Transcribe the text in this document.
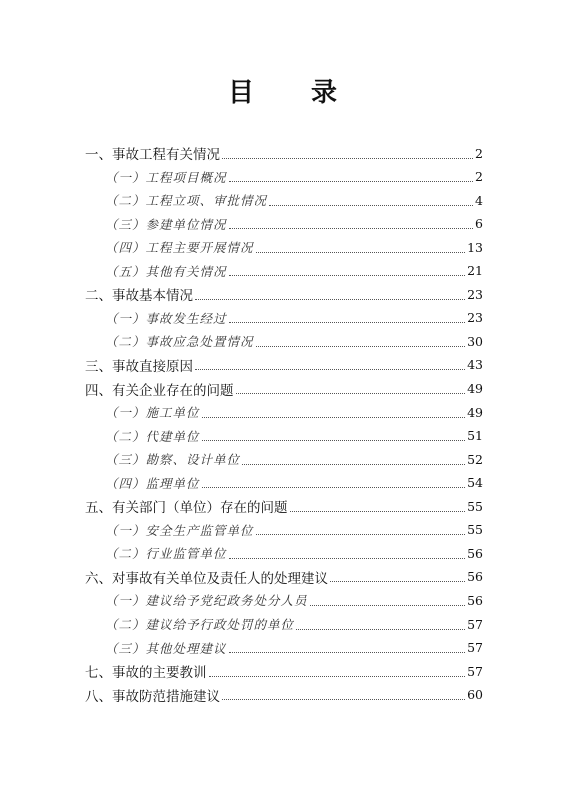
目 录
一、事故工程有关情况	2
（一）工程项目概况	2
（二）工程立项、审批情况	4
（三）参建单位情况	6
（四）工程主要开展情况	13
（五）其他有关情况	21
二、事故基本情况	23
（一）事故发生经过	23
（二）事故应急处置情况	30
三、事故直接原因	43
四、有关企业存在的问题	49
（一）施工单位	49
（二）代建单位	51
（三）勘察、设计单位	52
（四）监理单位	54
五、有关部门（单位）存在的问题	55
（一）安全生产监管单位	55
（二）行业监管单位	56
六、对事故有关单位及责任人的处理建议	56
（一）建议给予党纪政务处分人员	56
（二）建议给予行政处罚的单位	57
（三）其他处理建议	57
七、事故的主要教训	57
八、事故防范措施建议	60
